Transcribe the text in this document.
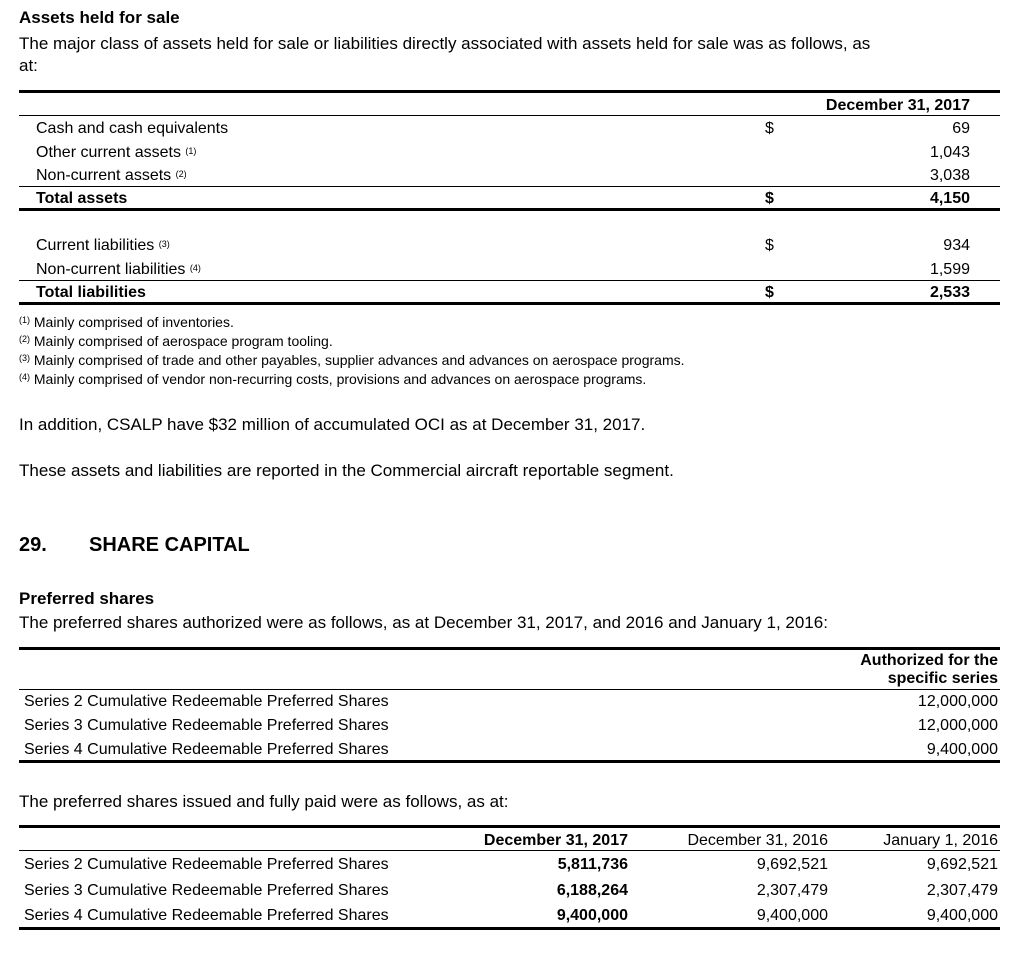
Assets held for sale
The major class of assets held for sale or liabilities directly associated with assets held for sale was as follows, as
at:
December 31, 2017
Cash and cash equivalents	$	69
Other current assets $^{(1)}$	1,043
Non-current assets $^{(2)}$	3,038
Total assets	$	4,150
Current liabilities $^{(3)}$	$	934
Non-current liabilities $^{(4)}$	1,599
Total liabilities	$	2,533
$^{(1)}$ Mainly comprised of inventories.
$^{(2)}$ Mainly comprised of aerospace program tooling.
$^{(3)}$ Mainly comprised of trade and other payables, supplier advances and advances on aerospace programs.
$^{(4)}$ Mainly comprised of vendor non-recurring costs, provisions and advances on aerospace programs.
In addition, CSALP have $32 million of accumulated OCI as at December 31, 2017.
These assets and liabilities are reported in the Commercial aircraft reportable segment.
29. SHARE CAPITAL
Preferred shares
The preferred shares authorized were as follows, as at December 31, 2017, and 2016 and January 1, 2016:
Authorized for the
specific series
Series 2 Cumulative Redeemable Preferred Shares	12,000,000
Series 3 Cumulative Redeemable Preferred Shares	12,000,000
Series 4 Cumulative Redeemable Preferred Shares	9,400,000
The preferred shares issued and fully paid were as follows, as at:
December 31, 2017	December 31, 2016	January 1, 2016
Series 2 Cumulative Redeemable Preferred Shares	5,811,736	9,692,521	9,692,521
Series 3 Cumulative Redeemable Preferred Shares	6,188,264	2,307,479	2,307,479
Series 4 Cumulative Redeemable Preferred Shares	9,400,000	9,400,000	9,400,000
